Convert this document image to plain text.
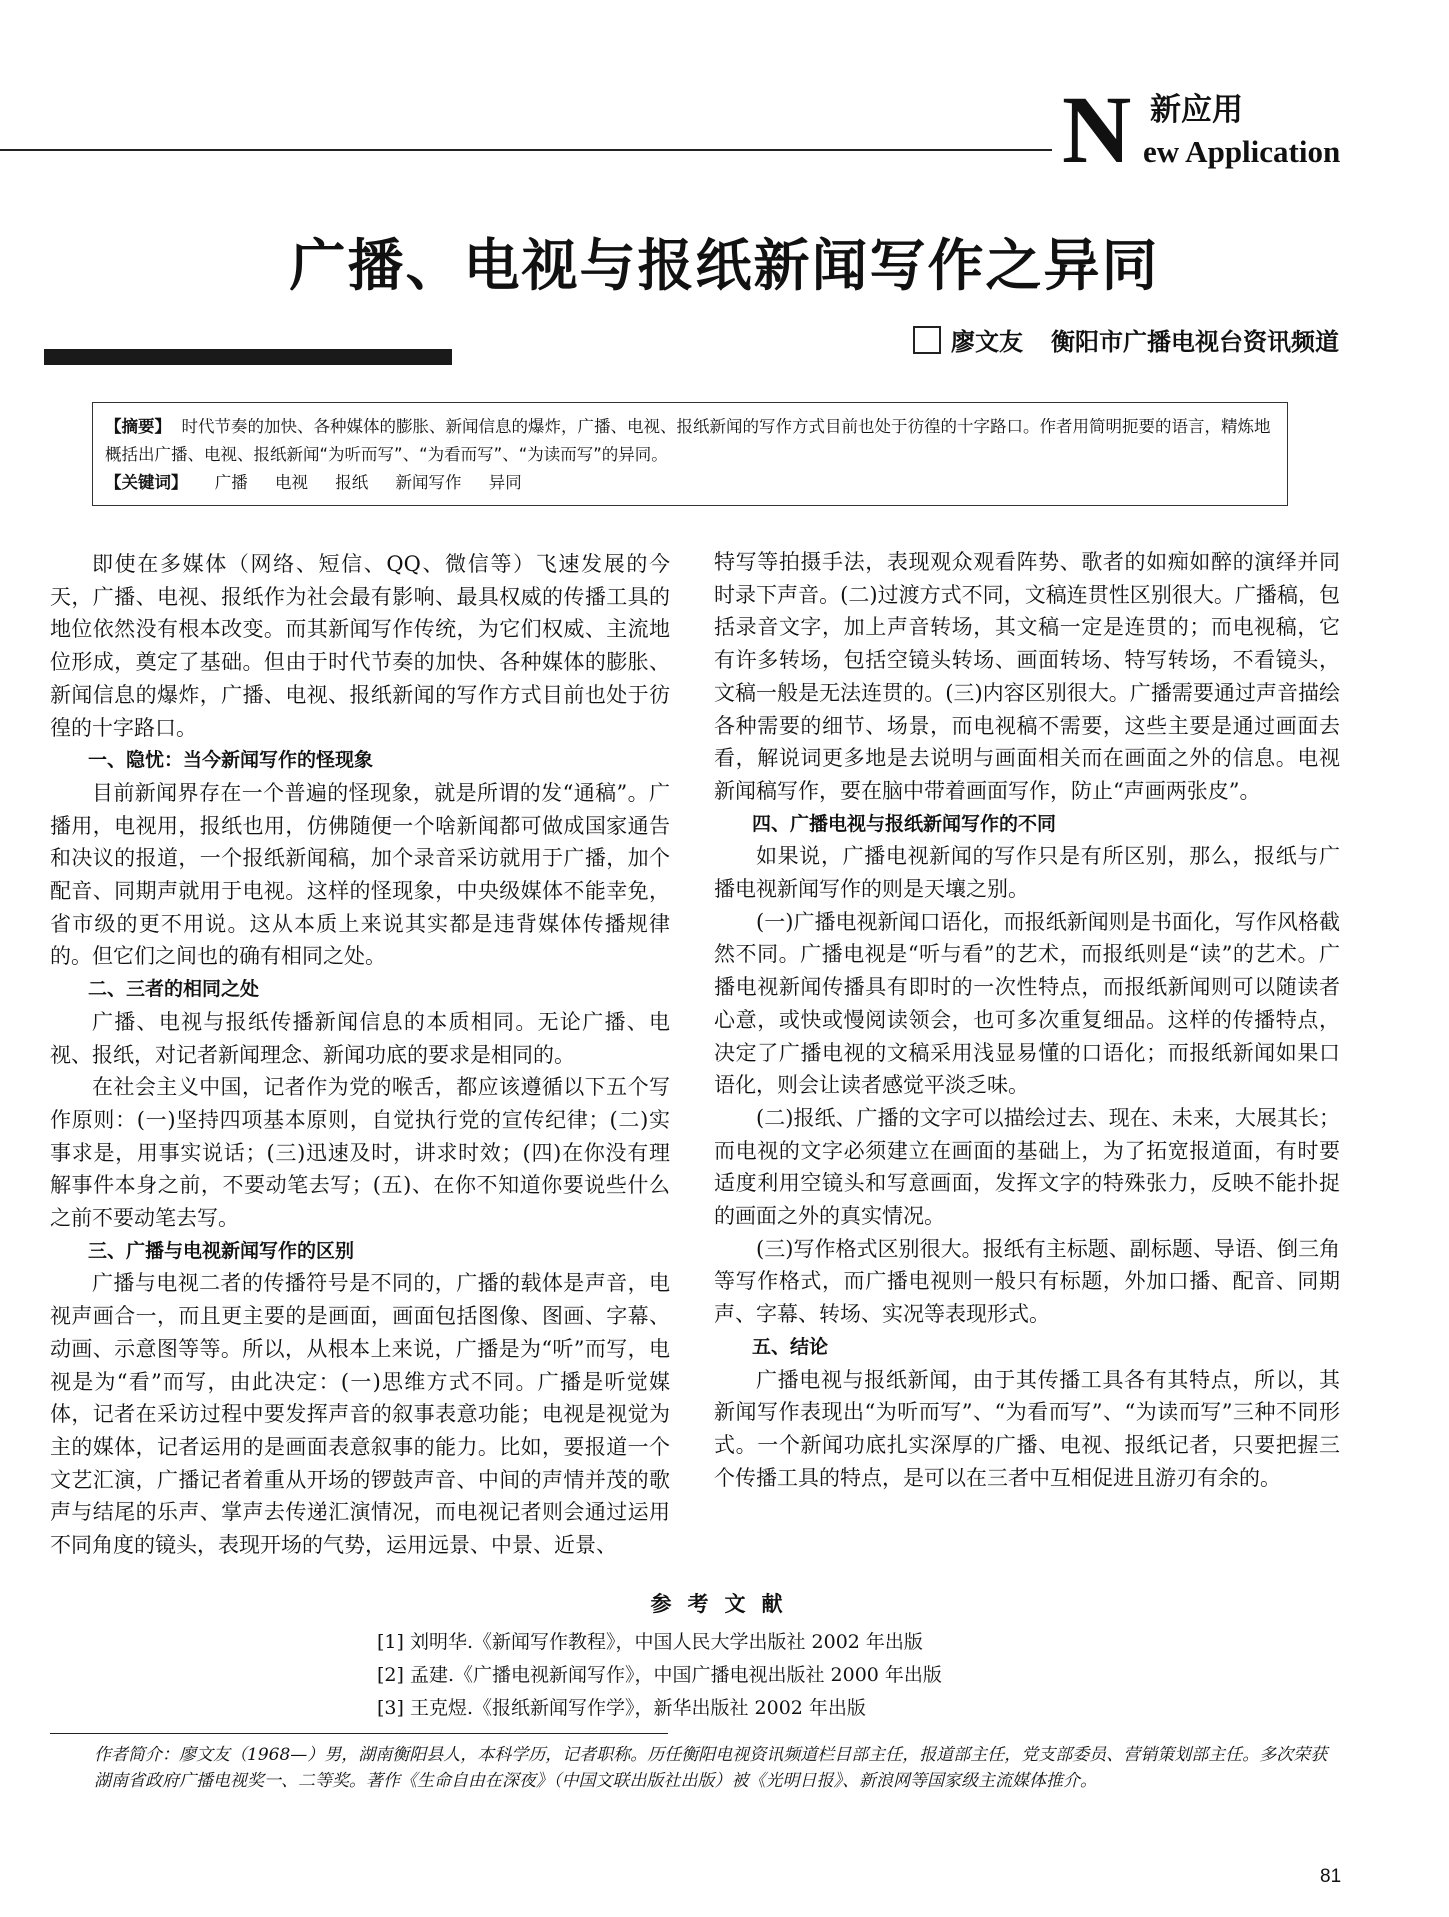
N 新应用
ew Application
广播、电视与报纸新闻写作之异同
廖文友 衡阳市广播电视台资讯频道
【摘要】 时代节奏的加快、各种媒体的膨胀、新闻信息的爆炸，广播、电视、报纸新闻的写作方式目前也处于彷徨的十字路口。作者用简明扼要的语言，精炼地概括出广播、电视、报纸新闻“为听而写”、“为看而写”、“为读而写”的异同。
【关键词】 广播 电视 报纸 新闻写作 异同

即使在多媒体（网络、短信、QQ、微信等）飞速发展的今天，广播、电视、报纸作为社会最有影响、最具权威的传播工具的地位依然没有根本改变。而其新闻写作传统，为它们权威、主流地位形成，奠定了基础。但由于时代节奏的加快、各种媒体的膨胀、新闻信息的爆炸，广播、电视、报纸新闻的写作方式目前也处于彷徨的十字路口。

一、隐忧：当今新闻写作的怪现象

目前新闻界存在一个普遍的怪现象，就是所谓的发“通稿”。广播用，电视用，报纸也用，仿佛随便一个啥新闻都可做成国家通告和决议的报道，一个报纸新闻稿，加个录音采访就用于广播，加个配音、同期声就用于电视。这样的怪现象，中央级媒体不能幸免，省市级的更不用说。这从本质上来说其实都是违背媒体传播规律的。但它们之间也的确有相同之处。

二、三者的相同之处

广播、电视与报纸传播新闻信息的本质相同。无论广播、电视、报纸，对记者新闻理念、新闻功底的要求是相同的。

在社会主义中国，记者作为党的喉舌，都应该遵循以下五个写作原则：(一)坚持四项基本原则，自觉执行党的宣传纪律；(二)实事求是，用事实说话；(三)迅速及时，讲求时效；(四)在你没有理解事件本身之前，不要动笔去写；(五)、在你不知道你要说些什么之前不要动笔去写。

三、广播与电视新闻写作的区别

广播与电视二者的传播符号是不同的，广播的载体是声音，电视声画合一，而且更主要的是画面，画面包括图像、图画、字幕、动画、示意图等等。所以，从根本上来说，广播是为“听”而写，电视是为“看”而写，由此决定：(一)思维方式不同。广播是听觉媒体，记者在采访过程中要发挥声音的叙事表意功能；电视是视觉为主的媒体，记者运用的是画面表意叙事的能力。比如，要报道一个文艺汇演，广播记者着重从开场的锣鼓声音、中间的声情并茂的歌声与结尾的乐声、掌声去传递汇演情况，而电视记者则会通过运用不同角度的镜头，表现开场的气势，运用远景、中景、近景、

特写等拍摄手法，表现观众观看阵势、歌者的如痴如醉的演绎并同时录下声音。(二)过渡方式不同，文稿连贯性区别很大。广播稿，包括录音文字，加上声音转场，其文稿一定是连贯的；而电视稿，它有许多转场，包括空镜头转场、画面转场、特写转场，不看镜头，文稿一般是无法连贯的。(三)内容区别很大。广播需要通过声音描绘各种需要的细节、场景，而电视稿不需要，这些主要是通过画面去看，解说词更多地是去说明与画面相关而在画面之外的信息。电视新闻稿写作，要在脑中带着画面写作，防止“声画两张皮”。

四、广播电视与报纸新闻写作的不同

如果说，广播电视新闻的写作只是有所区别，那么，报纸与广播电视新闻写作的则是天壤之别。

(一)广播电视新闻口语化，而报纸新闻则是书面化，写作风格截然不同。广播电视是“听与看”的艺术，而报纸则是“读”的艺术。广播电视新闻传播具有即时的一次性特点，而报纸新闻则可以随读者心意，或快或慢阅读领会，也可多次重复细品。这样的传播特点，决定了广播电视的文稿采用浅显易懂的口语化；而报纸新闻如果口语化，则会让读者感觉平淡乏味。

(二)报纸、广播的文字可以描绘过去、现在、未来，大展其长；而电视的文字必须建立在画面的基础上，为了拓宽报道面，有时要适度利用空镜头和写意画面，发挥文字的特殊张力，反映不能扑捉的画面之外的真实情况。

(三)写作格式区别很大。报纸有主标题、副标题、导语、倒三角等写作格式，而广播电视则一般只有标题，外加口播、配音、同期声、字幕、转场、实况等表现形式。

五、结论

广播电视与报纸新闻，由于其传播工具各有其特点，所以，其新闻写作表现出“为听而写”、“为看而写”、“为读而写”三种不同形式。一个新闻功底扎实深厚的广播、电视、报纸记者，只要把握三个传播工具的特点，是可以在三者中互相促进且游刃有余的。

参考文献
[1] 刘明华.《新闻写作教程》，中国人民大学出版社 2002 年出版
[2] 孟建.《广播电视新闻写作》，中国广播电视出版社 2000 年出版
[3] 王克煜.《报纸新闻写作学》，新华出版社 2002 年出版
作者简介：廖文友（1968—）男，湖南衡阳县人，本科学历，记者职称。历任衡阳电视资讯频道栏目部主任，报道部主任，党支部委员、营销策划部主任。多次荣获湖南省政府广播电视奖一、二等奖。著作《生命自由在深夜》（中国文联出版社出版）被《光明日报》、新浪网等国家级主流媒体推介。
81
